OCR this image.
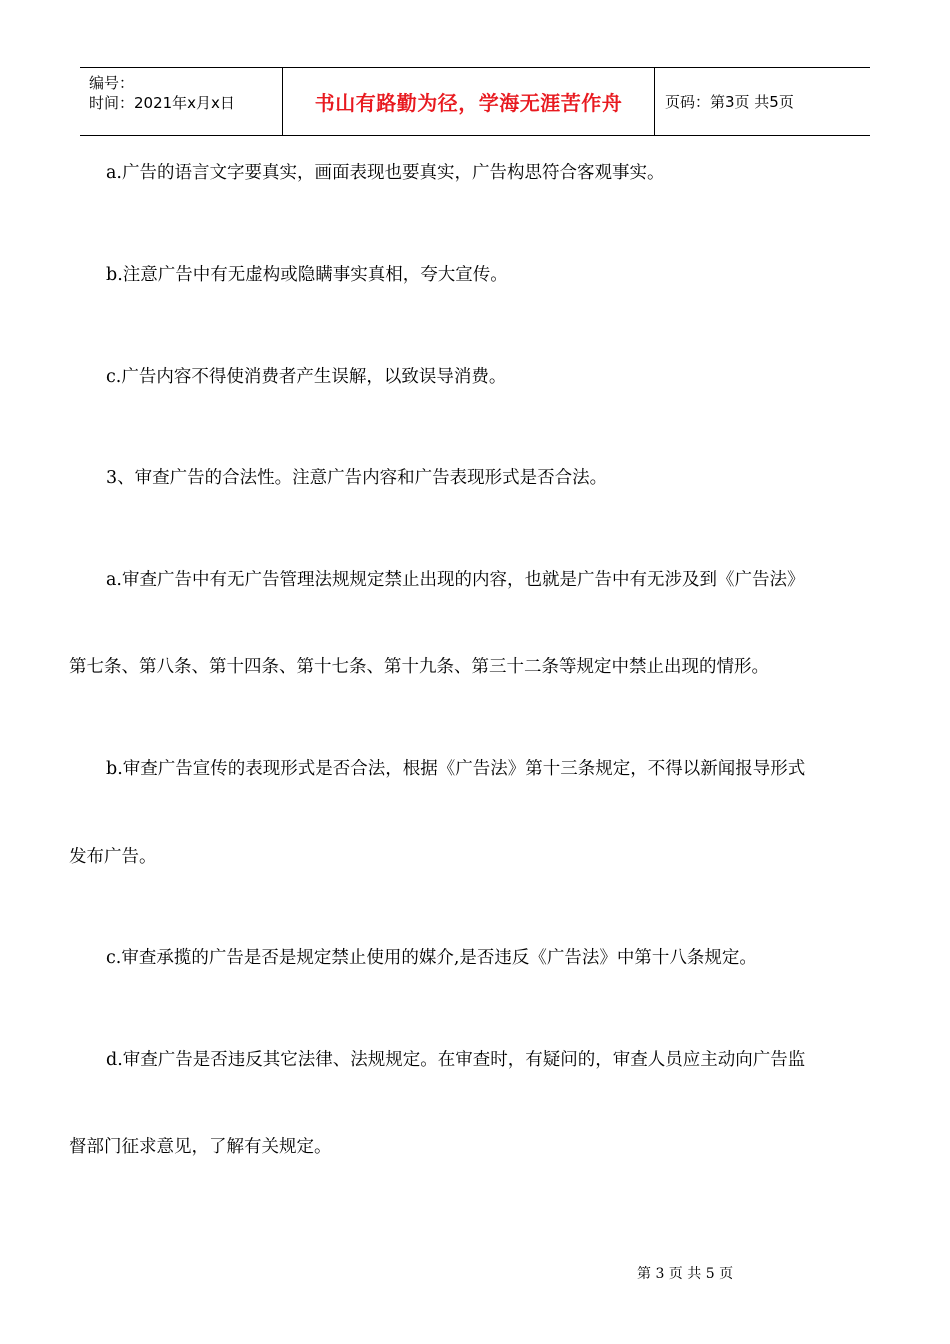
编号：
时间：2021年x月x日	书山有路勤为径，学海无涯苦作舟	页码：第3页 共5页
a.广告的语言文字要真实，画面表现也要真实，广告构思符合客观事实。
b.注意广告中有无虚构或隐瞒事实真相，夸大宣传。
c.广告内容不得使消费者产生误解，以致误导消费。
3、审查广告的合法性。注意广告内容和广告表现形式是否合法。
a.审查广告中有无广告管理法规规定禁止出现的内容，也就是广告中有无涉及到《广告法》
第七条、第八条、第十四条、第十七条、第十九条、第三十二条等规定中禁止出现的情形。
b.审查广告宣传的表现形式是否合法，根据《广告法》第十三条规定，不得以新闻报导形式
发布广告。
c.审查承揽的广告是否是规定禁止使用的媒介,是否违反《广告法》中第十八条规定。
d.审查广告是否违反其它法律、法规规定。在审查时，有疑问的，审查人员应主动向广告监
督部门征求意见，了解有关规定。
第 3 页 共 5 页
